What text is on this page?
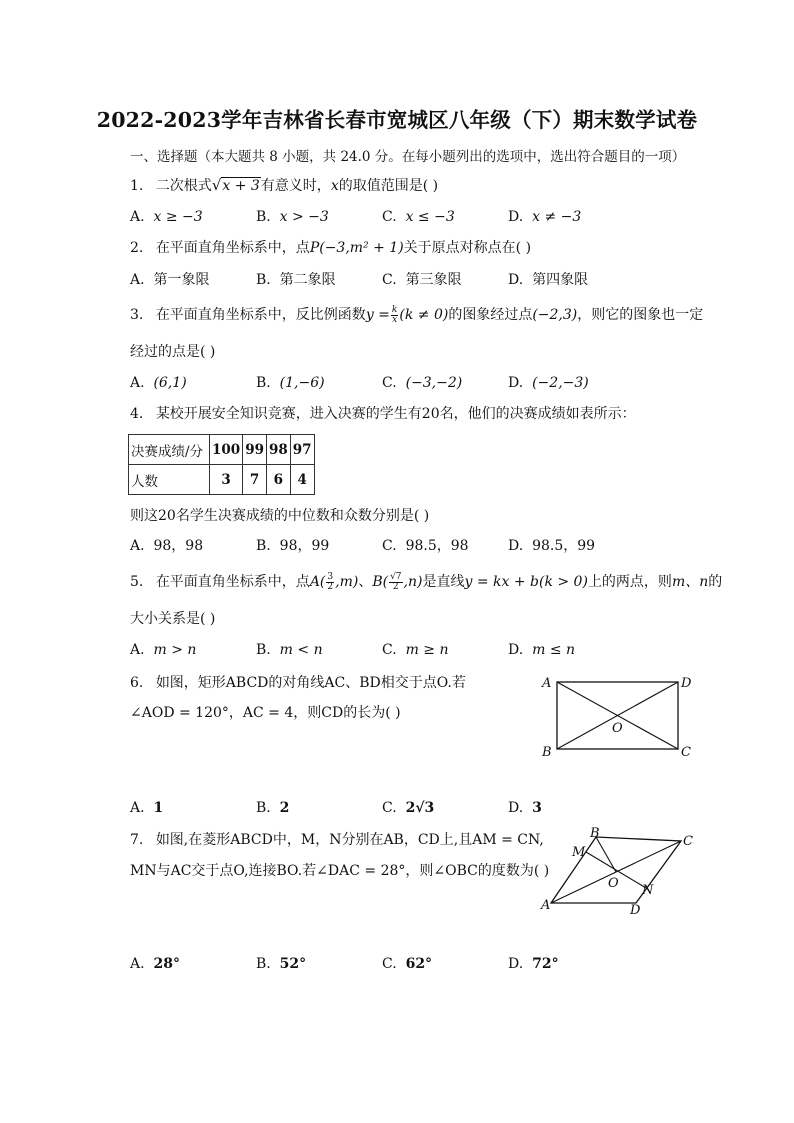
2022-2023学年吉林省长春市宽城区八年级（下）期末数学试卷
一、选择题（本大题共 8 小题，共 24.0 分。在每小题列出的选项中，选出符合题目的一项）
1. 二次根式√x + 3有意义时，x的取值范围是( )
A. x ≥ −3	B. x > −3	C. x ≤ −3	D. x ≠ −3
2. 在平面直角坐标系中，点P(−3,m² + 1)关于原点对称点在( )
A. 第一象限	B. 第二象限	C. 第三象限	D. 第四象限
3. 在平面直角坐标系中，反比例函数$y = \frac{k}{x} (k \ne 0)$的图象经过点(−2,3)，则它的图象也一定
经过的点是( )
A. (6,1)	B. (1,−6)	C. (−3,−2)	D. (−2,−3)
4. 某校开展安全知识竞赛，进入决赛的学生有20名，他们的决赛成绩如表所示：
决赛成绩/分	100	99	98	97
人数	3	7	6	4
则这20名学生决赛成绩的中位数和众数分别是( )
A. 98，98	B. 98，99	C. 98.5，98	D. 98.5，99
5. 在平面直角坐标系中，点$A( \frac{3}{2} ,m)$、$B( \frac{√7}{2} ,n)$是直线y = kx + b(k > 0)上的两点，则m、n的
大小关系是( )
A. m > n	B. m < n	C. m ≥ n	D. m ≤ n
6. 如图，矩形ABCD的对角线AC、BD相交于点O.若
∠AOD = 120°，AC = 4，则CD的长为( )
A	D
B	C
O
A. 1	B. 2	C. 2√3	D. 3
7. 如图,在菱形ABCD中，M，N分别在AB，CD上,且AM = CN,
MN与AC交于点O,连接BO.若∠DAC = 28°，则∠OBC的度数为( )
B
C
M
O N
A	D
A. 28°	B. 52°	C. 62°	D. 72°
